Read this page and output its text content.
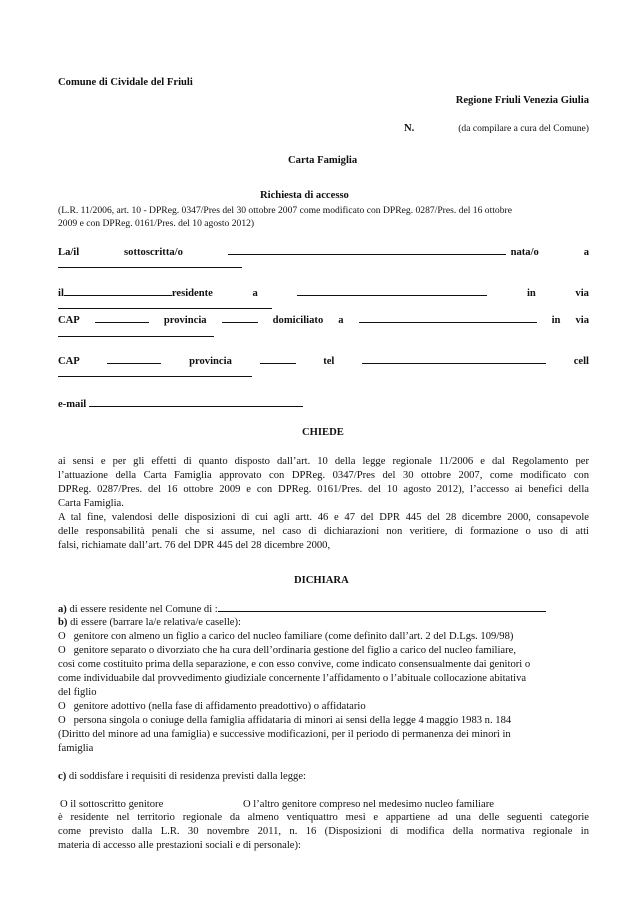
Comune di Cividale del Friuli
Regione Friuli Venezia Giulia
N.	(da compilare a cura del Comune)
Carta Famiglia
Richiesta di accesso
(L.R. 11/2006, art. 10 - DPReg. 0347/Pres del 30 ottobre 2007 come modificato con DPReg. 0287/Pres. del 16 ottobre
2009 e con DPReg. 0161/Pres. del 10 agosto 2012)
La/il	sottoscritta/o	nata/o	a
il	residente	a	in	via
CAP	provincia	domiciliato a	in via
CAP	provincia	tel	cell
e-mail
CHIEDE
ai sensi e per gli effetti di quanto disposto dall’art. 10 della legge regionale 11/2006 e dal Regolamento per
l’attuazione della Carta Famiglia approvato con DPReg. 0347/Pres del 30 ottobre 2007, come modificato con
DPReg. 0287/Pres. del 16 ottobre 2009 e con DPReg. 0161/Pres. del 10 agosto 2012), l’accesso ai benefici della
Carta Famiglia.
A tal fine, valendosi delle disposizioni di cui agli artt. 46 e 47 del DPR 445 del 28 dicembre 2000, consapevole
delle responsabilità penali che si assume, nel caso di dichiarazioni non veritiere, di formazione o uso di atti
falsi, richiamate dall’art. 76 del DPR 445 del 28 dicembre 2000,
DICHIARA
a) di essere residente nel Comune di :
b) di essere (barrare la/e relativa/e caselle):
O genitore con almeno un figlio a carico del nucleo familiare (come definito dall’art. 2 del D.Lgs. 109/98)
O genitore separato o divorziato che ha cura dell’ordinaria gestione del figlio a carico del nucleo familiare,
così come costituito prima della separazione, e con esso convive, come indicato consensualmente dai genitori o
come individuabile dal provvedimento giudiziale concernente l’affidamento o l’abituale collocazione abitativa
del figlio
O genitore adottivo (nella fase di affidamento preadottivo) o affidatario
O persona singola o coniuge della famiglia affidataria di minori ai sensi della legge 4 maggio 1983 n. 184
(Diritto del minore ad una famiglia) e successive modificazioni, per il periodo di permanenza dei minori in
famiglia
c) di soddisfare i requisiti di residenza previsti dalla legge:
O il sottoscritto genitore	O l’altro genitore compreso nel medesimo nucleo familiare
è residente nel territorio regionale da almeno ventiquattro mesi e appartiene ad una delle seguenti categorie
come previsto dalla L.R. 30 novembre 2011, n. 16 (Disposizioni di modifica della normativa regionale in
materia di accesso alle prestazioni sociali e di personale):
